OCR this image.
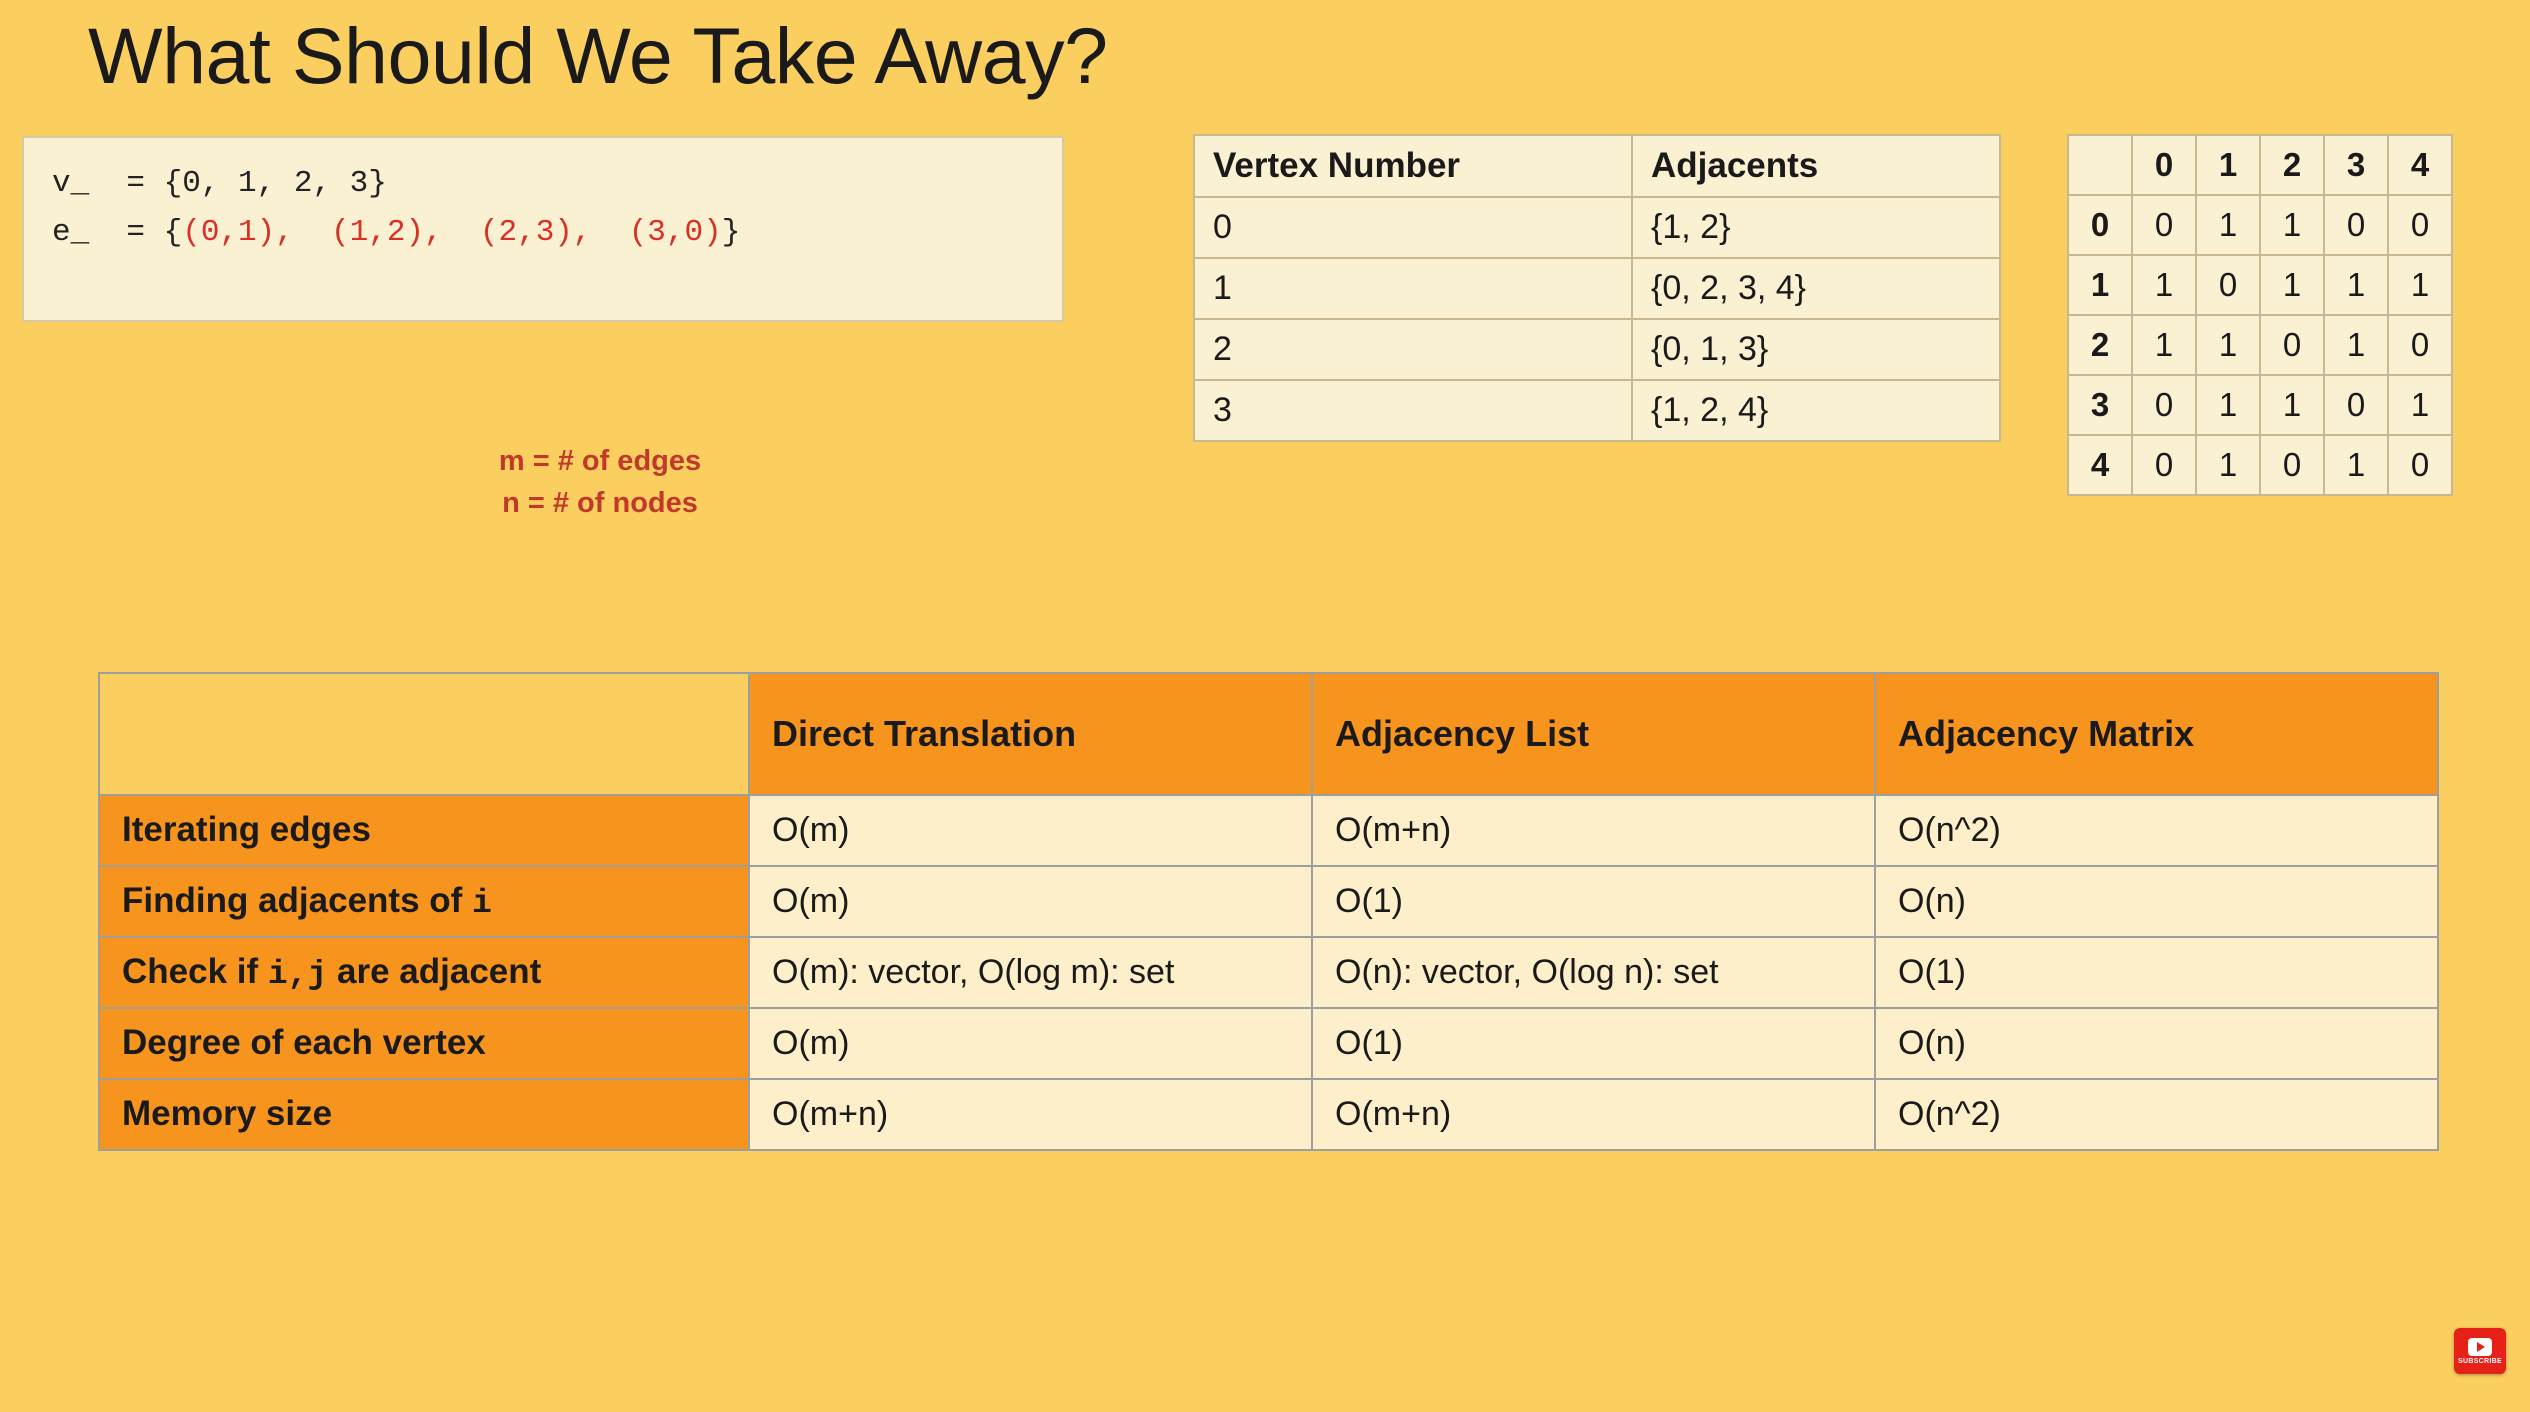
What Should We Take Away?
v_  = {0, 1, 2, 3}
e_  = {(0,1),  (1,2),  (2,3),  (3,0)}
m = # of edges
n = # of nodes
Vertex Number	Adjacents
0	{1, 2}
1	{0, 2, 3, 4}
2	{0, 1, 3}
3	{1, 2, 4}
	0	1	2	3	4
0	0	1	1	0	0
1	1	0	1	1	1
2	1	1	0	1	0
3	0	1	1	0	1
4	0	1	0	1	0
	Direct Translation	Adjacency List	Adjacency Matrix
Iterating edges	O(m)	O(m+n)	O(n^2)
Finding adjacents of i	O(m)	O(1)	O(n)
Check if i,j are adjacent	O(m): vector, O(log m): set	O(n): vector, O(log n): set	O(1)
Degree of each vertex	O(m)	O(1)	O(n)
Memory size	O(m+n)	O(m+n)	O(n^2)
SUBSCRIBE
